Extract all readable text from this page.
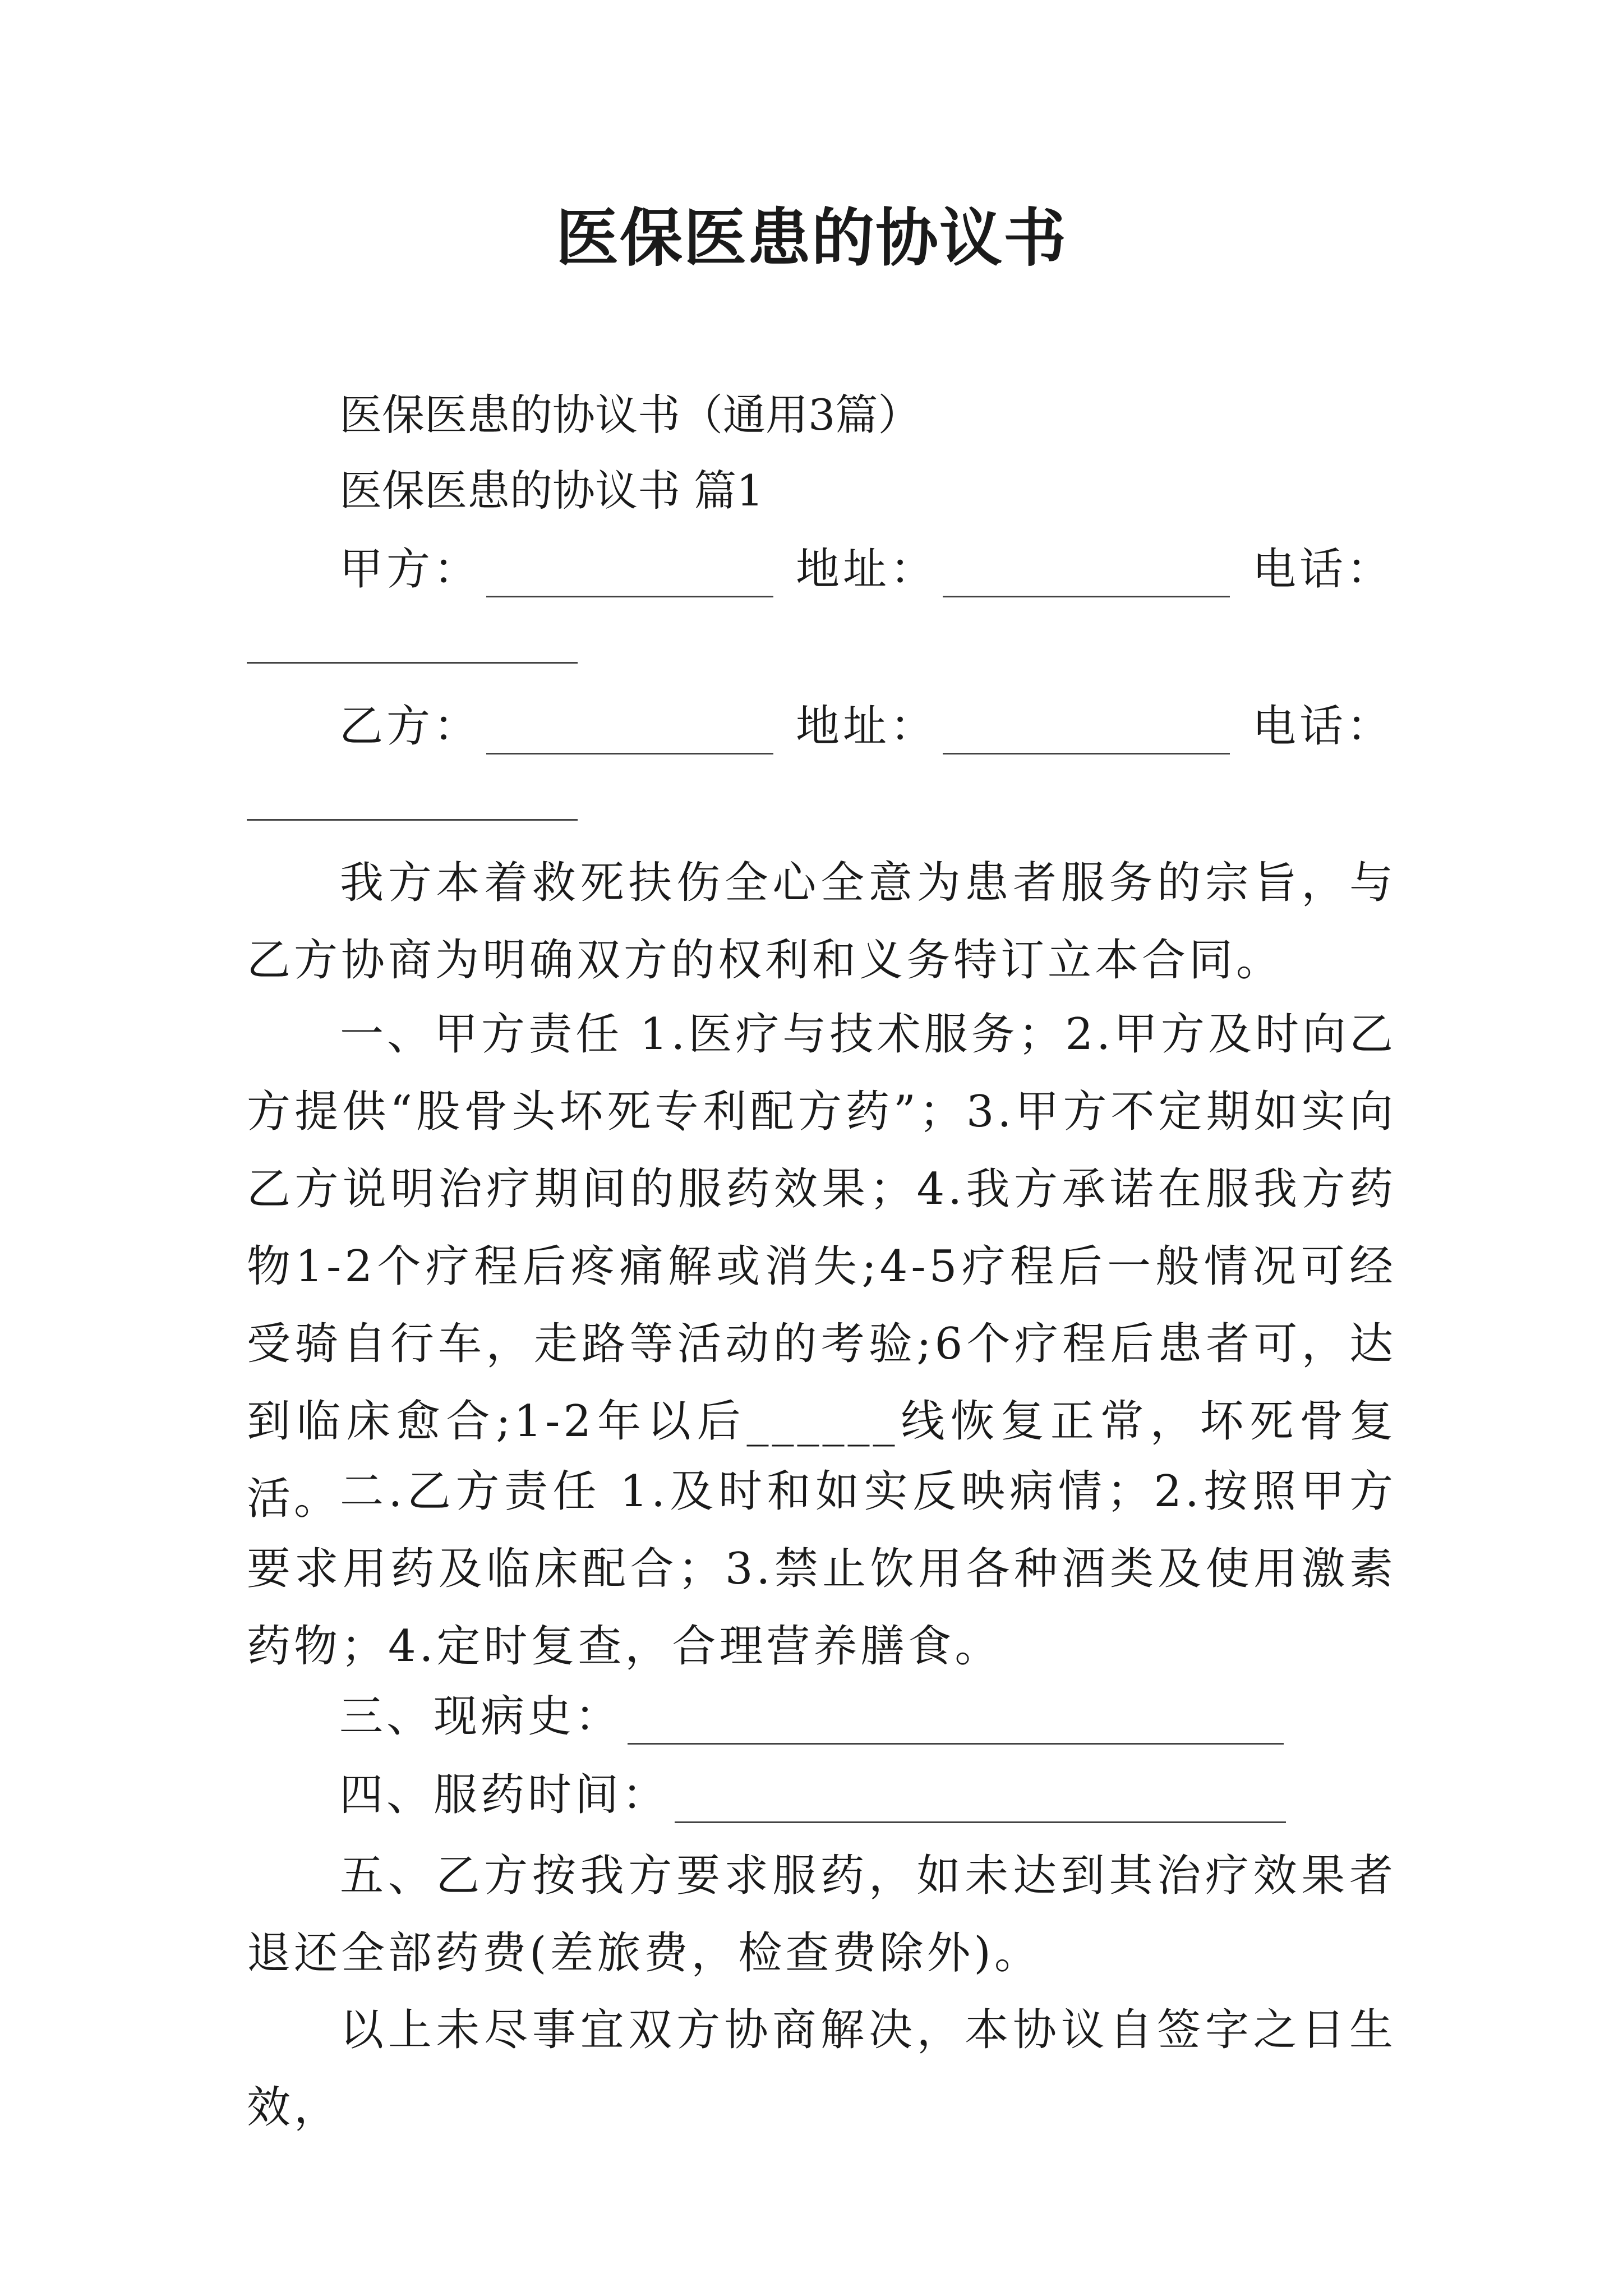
医保医患的协议书
医保医患的协议书（通用3篇）
医保医患的协议书 篇1
甲方：	地址：	电话：
乙方：	地址：	电话：
我方本着救死扶伤全心全意为患者服务的宗旨，与乙方协商为明确双方的权利和义务特订立本合同。
一、甲方责任 1.医疗与技术服务；2.甲方及时向乙方提供“股骨头坏死专利配方药”；3.甲方不定期如实向乙方说明治疗期间的服药效果；4.我方承诺在服我方药物1-2个疗程后疼痛解或消失;4-5疗程后一般情况可经受骑自行车，走路等活动的考验;6个疗程后患者可，达到临床愈合;1-2年以后______线恢复正常，坏死骨复活。
二.乙方责任 1.及时和如实反映病情；2.按照甲方要求用药及临床配合；3.禁止饮用各种酒类及使用激素药物；4.定时复查，合理营养膳食。
三、现病史：
四、服药时间：
五、乙方按我方要求服药，如未达到其治疗效果者退还全部药费(差旅费，检查费除外)。
以上未尽事宜双方协商解决，本协议自签字之日生效，
